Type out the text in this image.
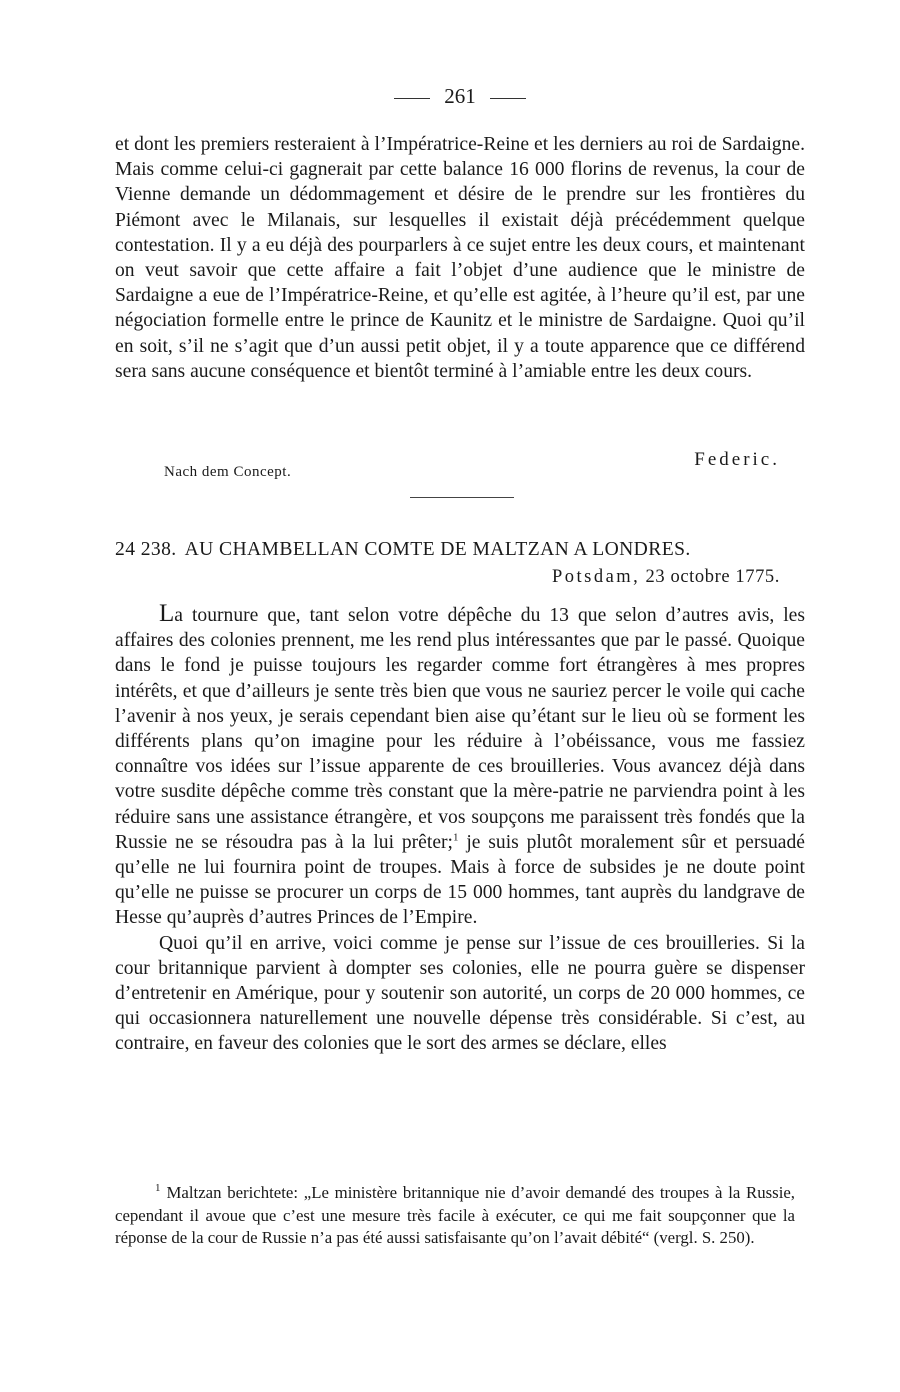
261
et dont les premiers resteraient à l’Impératrice-Reine et les derniers au roi de Sardaigne. Mais comme celui-ci gagnerait par cette balance 16 000 florins de revenus, la cour de Vienne demande un dédommagement et désire de le prendre sur les frontières du Piémont avec le Milanais, sur lesquelles il existait déjà précédemment quelque contestation. Il y a eu déjà des pourparlers à ce sujet entre les deux cours, et maintenant on veut savoir que cette affaire a fait l’objet d’une audience que le ministre de Sardaigne a eue de l’Impératrice-Reine, et qu’elle est agitée, à l’heure qu’il est, par une négociation formelle entre le prince de Kaunitz et le ministre de Sardaigne. Quoi qu’il en soit, s’il ne s’agit que d’un aussi petit objet, il y a toute apparence que ce différend sera sans aucune conséquence et bientôt terminé à l’amiable entre les deux cours.
Nach dem Concept.
Federic.
24 238. AU CHAMBELLAN COMTE DE MALTZAN A LONDRES.
Potsdam, 23 octobre 1775.

La tournure que, tant selon votre dépêche du 13 que selon d’autres avis, les affaires des colonies prennent, me les rend plus intéressantes que par le passé. Quoique dans le fond je puisse toujours les regarder comme fort étrangères à mes propres intérêts, et que d’ailleurs je sente très bien que vous ne sauriez percer le voile qui cache l’avenir à nos yeux, je serais cependant bien aise qu’étant sur le lieu où se forment les différents plans qu’on imagine pour les réduire à l’obéissance, vous me fassiez connaître vos idées sur l’issue apparente de ces brouilleries. Vous avancez déjà dans votre susdite dépêche comme très constant que la mère-patrie ne parviendra point à les réduire sans une assistance étrangère, et vos soupçons me paraissent très fondés que la Russie ne se résoudra pas à la lui prêter;$^1$ je suis plutôt moralement sûr et persuadé qu’elle ne lui fournira point de troupes. Mais à force de subsides je ne doute point qu’elle ne puisse se procurer un corps de 15 000 hommes, tant auprès du landgrave de Hesse qu’auprès d’autres Princes de l’Empire.

Quoi qu’il en arrive, voici comme je pense sur l’issue de ces brouilleries. Si la cour britannique parvient à dompter ses colonies, elle ne pourra guère se dispenser d’entretenir en Amérique, pour y soutenir son autorité, un corps de 20 000 hommes, ce qui occasionnera naturellement une nouvelle dépense très considérable. Si c’est, au contraire, en faveur des colonies que le sort des armes se déclare, elles

$^1$ Maltzan berichtete: „Le ministère britannique nie d’avoir demandé des troupes à la Russie, cependant il avoue que c’est une mesure très facile à exécuter, ce qui me fait soupçonner que la réponse de la cour de Russie n’a pas été aussi satisfaisante qu’on l’avait débité“ (vergl. S. 250).
